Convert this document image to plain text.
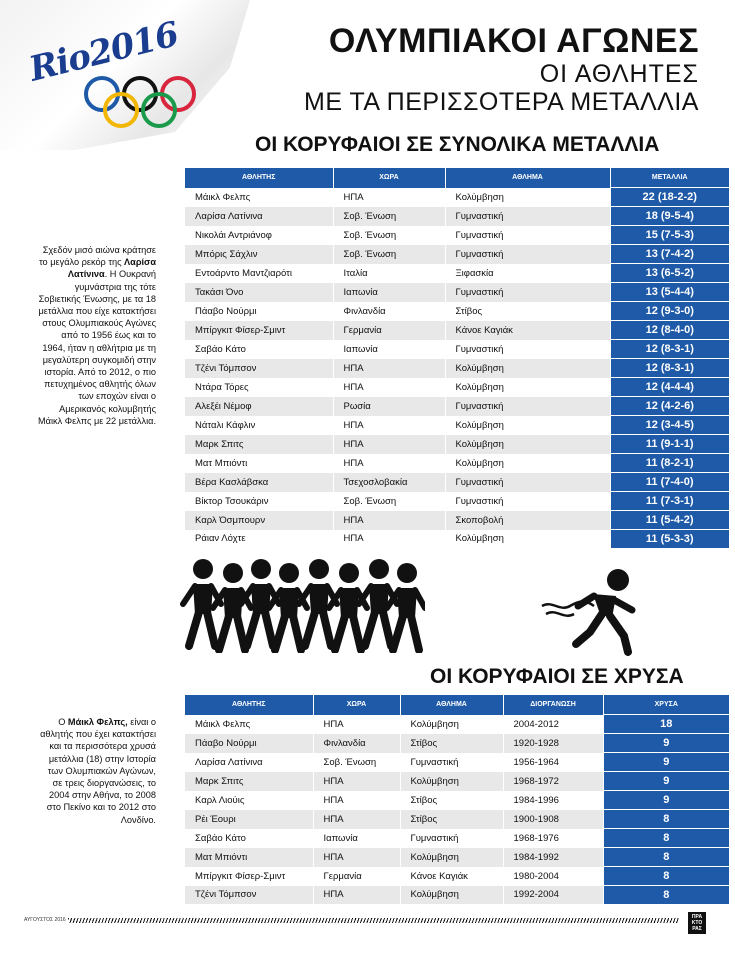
Rio2016	ΟΛΥΜΠΙΑΚΟΙ ΑΓΩΝΕΣ
ΟΙ ΑΘΛΗΤΕΣ
ΜΕ ΤΑ ΠΕΡΙΣΣΟΤΕΡΑ ΜΕΤΑΛΛΙΑ
ΟΙ ΚΟΡΥΦΑΙΟΙ ΣΕ ΣΥΝΟΛΙΚΑ ΜΕΤΑΛΛΙΑ
Σχεδόν μισό αιώνα κράτησε το μεγάλο ρεκόρ της Λαρίσα Λατίνινα. Η Ουκρανή γυμνάστρια της τότε Σοβιετικής Ένωσης, με τα 18 μετάλλια που είχε κατακτήσει στους Ολυμπιακούς Αγώνες από το 1956 έως και το 1964, ήταν η αθλήτρια με τη μεγαλύτερη συγκομιδή στην ιστορία. Από το 2012, ο πιο πετυχημένος αθλητής όλων των εποχών είναι ο Αμερικανός κολυμβητής Μάικλ Φελπς με 22 μετάλλια.
ΑΘΛΗΤΗΣ	ΧΩΡΑ	ΑΘΛΗΜΑ	ΜΕΤΑΛΛΙΑ
Μάικλ Φελπς	ΗΠΑ	Κολύμβηση	22 (18-2-2)
Λαρίσα Λατίνινα	Σοβ. Ένωση	Γυμναστική	18 (9-5-4)
Νικολάι Αντριάνοφ	Σοβ. Ένωση	Γυμναστική	15 (7-5-3)
Μπόρις Σάχλιν	Σοβ. Ένωση	Γυμναστική	13 (7-4-2)
Εντοάρντο Μαντζιαρότι	Ιταλία	Ξιφασκία	13 (6-5-2)
Τακάσι Όνο	Ιαπωνία	Γυμναστική	13 (5-4-4)
Πάαβο Νούρμι	Φινλανδία	Στίβος	12 (9-3-0)
Μπίργκιτ Φίσερ-Σμιντ	Γερμανία	Κάνοε Καγιάκ	12 (8-4-0)
Σαβάο Κάτο	Ιαπωνία	Γυμναστική	12 (8-3-1)
Τζένι Τόμπσον	ΗΠΑ	Κολύμβηση	12 (8-3-1)
Ντάρα Τόρες	ΗΠΑ	Κολύμβηση	12 (4-4-4)
Αλεξέι Νέμοφ	Ρωσία	Γυμναστική	12 (4-2-6)
Νάταλι Κάφλιν	ΗΠΑ	Κολύμβηση	12 (3-4-5)
Μαρκ Σπιτς	ΗΠΑ	Κολύμβηση	11 (9-1-1)
Ματ Μπιόντι	ΗΠΑ	Κολύμβηση	11 (8-2-1)
Βέρα Κασλάβσκα	Τσεχοσλοβακία	Γυμναστική	11 (7-4-0)
Βίκτορ Τσουκάριν	Σοβ. Ένωση	Γυμναστική	11 (7-3-1)
Καρλ Όσμπουρν	ΗΠΑ	Σκοποβολή	11 (5-4-2)
Ράιαν Λόχτε	ΗΠΑ	Κολύμβηση	11 (5-3-3)
ΟΙ ΚΟΡΥΦΑΙΟΙ ΣΕ ΧΡΥΣΑ
Ο Μάικλ Φελπς, είναι ο αθλητής που έχει κατακτήσει και τα περισσότερα χρυσά μετάλλια (18) στην Ιστορία των Ολυμπιακών Αγώνων, σε τρεις διοργανώσεις, το 2004 στην Αθήνα, το 2008 στο Πεκίνο και το 2012 στο Λονδίνο.
ΑΘΛΗΤΗΣ	ΧΩΡΑ	ΑΘΛΗΜΑ	ΔΙΟΡΓΑΝΩΣΗ	ΧΡΥΣΑ
Μάικλ Φελπς	ΗΠΑ	Κολύμβηση	2004-2012	18
Πάαβο Νούρμι	Φινλανδία	Στίβος	1920-1928	9
Λαρίσα Λατίνινα	Σοβ. Ένωση	Γυμναστική	1956-1964	9
Μαρκ Σπιτς	ΗΠΑ	Κολύμβηση	1968-1972	9
Καρλ Λιούις	ΗΠΑ	Στίβος	1984-1996	9
Ρέι Έουρι	ΗΠΑ	Στίβος	1900-1908	8
Σαβάο Κάτο	Ιαπωνία	Γυμναστική	1968-1976	8
Ματ Μπιόντι	ΗΠΑ	Κολύμβηση	1984-1992	8
Μπίργκιτ Φίσερ-Σμιντ	Γερμανία	Κάνοε Καγιάκ	1980-2004	8
Τζένι Τόμπσον	ΗΠΑ	Κολύμβηση	1992-2004	8
ΑΥΓΟΥΣΤΟΣ 2016	ΠΡΑ ΚΤΟ ΡΑΣ
